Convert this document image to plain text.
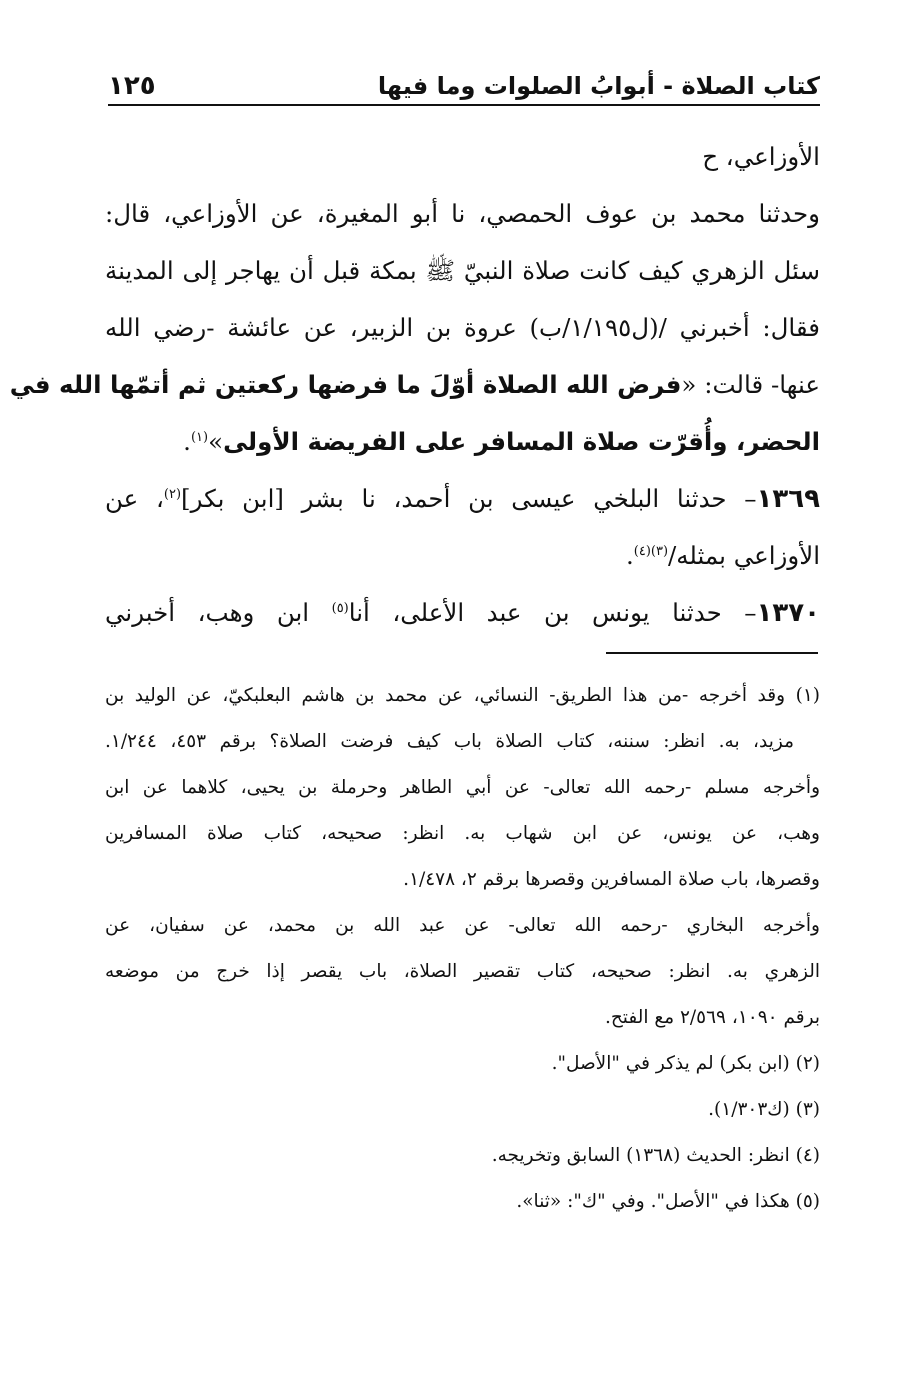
كتاب الصلاة - أبوابُ الصلوات وما فيها
١٢٥
الأوزاعي، ح
وحدثنا محمد بن عوف الحمصي، نا أبو المغيرة، عن الأوزاعي، قال:
سئل الزهري كيف كانت صلاة النبيّ ﷺ بمكة قبل أن يهاجر إلى المدينة
فقال: أخبرني /(ل١/١٩٥/ب) عروة بن الزبير، عن عائشة -رضي الله
عنها- قالت: «فرض الله الصلاة أوّلَ ما فرضها ركعتين ثم أتمّها الله في
الحضر، وأُقرّت صلاة المسافر على الفريضة الأولى»$^{(١)}$.
١٣٦٩– حدثنا البلخي عيسى بن أحمد، نا بشر [ابن بكر]$^{(٢)}$، عن
الأوزاعي بمثله/$^{(٣)(٤)}$.
١٣٧٠– حدثنا يونس بن عبد الأعلى، أنا$^{(٥)}$ ابن وهب، أخبرني
(١) وقد أخرجه -من هذا الطريق- النسائي، عن محمد بن هاشم البعلبكيّ، عن الوليد بن
مزيد، به. انظر: سننه، كتاب الصلاة باب كيف فرضت الصلاة؟ برقم ٤٥٣، ١/٢٤٤.
وأخرجه مسلم -رحمه الله تعالى- عن أبي الطاهر وحرملة بن يحيى، كلاهما عن ابن
وهب، عن يونس، عن ابن شهاب به. انظر: صحيحه، كتاب صلاة المسافرين
وقصرها، باب صلاة المسافرين وقصرها برقم ٢، ١/٤٧٨.
وأخرجه البخاري -رحمه الله تعالى- عن عبد الله بن محمد، عن سفيان، عن
الزهري به. انظر: صحيحه، كتاب تقصير الصلاة، باب يقصر إذا خرج من موضعه
برقم ١٠٩٠، ٢/٥٦٩ مع الفتح.
(٢) (ابن بكر) لم يذكر في "الأصل".
(٣) (ك١/٣٠٣).
(٤) انظر: الحديث (١٣٦٨) السابق وتخريجه.
(٥) هكذا في "الأصل". وفي "ك": «ثنا».
